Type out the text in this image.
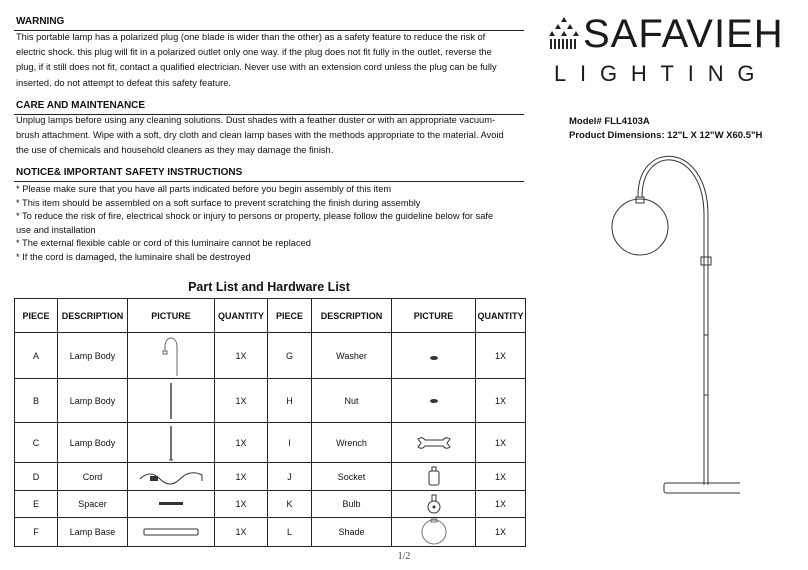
WARNING
This portable lamp has a polarized plug (one blade is wider than the other) as a safety feature to reduce the risk of
electric shock. this plug will fit in a polarized outlet only one way. if the plug does not fit fully in the outlet, reverse the
plug, if it still does not fit, contact a qualified electrician. Never use with an extension cord unless the plug can be fully
inserted. do not attempt to defeat this safety feature.
CARE AND MAINTENANCE
Unplug lamps before using any cleaning solutions. Dust shades with a feather duster or with an appropriate vacuum-
brush attachment. Wipe with a soft, dry cloth and clean lamp bases with the methods appropriate to the material. Avoid
the use of chemicals and household cleaners as they may damage the finish.
NOTICE& IMPORTANT SAFETY INSTRUCTIONS
* Please make sure that you have all parts indicated before you begin assembly of this item
* This item should be assembled on a soft surface to prevent scratching the finish during assembly
* To reduce the risk of fire, electrical shock or injury to persons or property, please follow the guideline below for safe
use and installation
* The external flexible cable or cord of this luminaire cannot be replaced
* If the cord is damaged, the luminaire shall be destroyed
SAFAVIEH
LIGHTING
Model# FLL4103A
Product Dimensions: 12"L X 12"W X60.5"H
Part List and Hardware List
PIECE	DESCRIPTION	PICTURE	QUANTITY	PIECE	DESCRIPTION	PICTURE	QUANTITY
A	Lamp Body		1X	G	Washer		1X
B	Lamp Body		1X	H	Nut		1X
C	Lamp Body		1X	I	Wrench		1X
D	Cord		1X	J	Socket		1X
E	Spacer		1X	K	Bulb		1X
F	Lamp Base		1X	L	Shade		1X
1/2
